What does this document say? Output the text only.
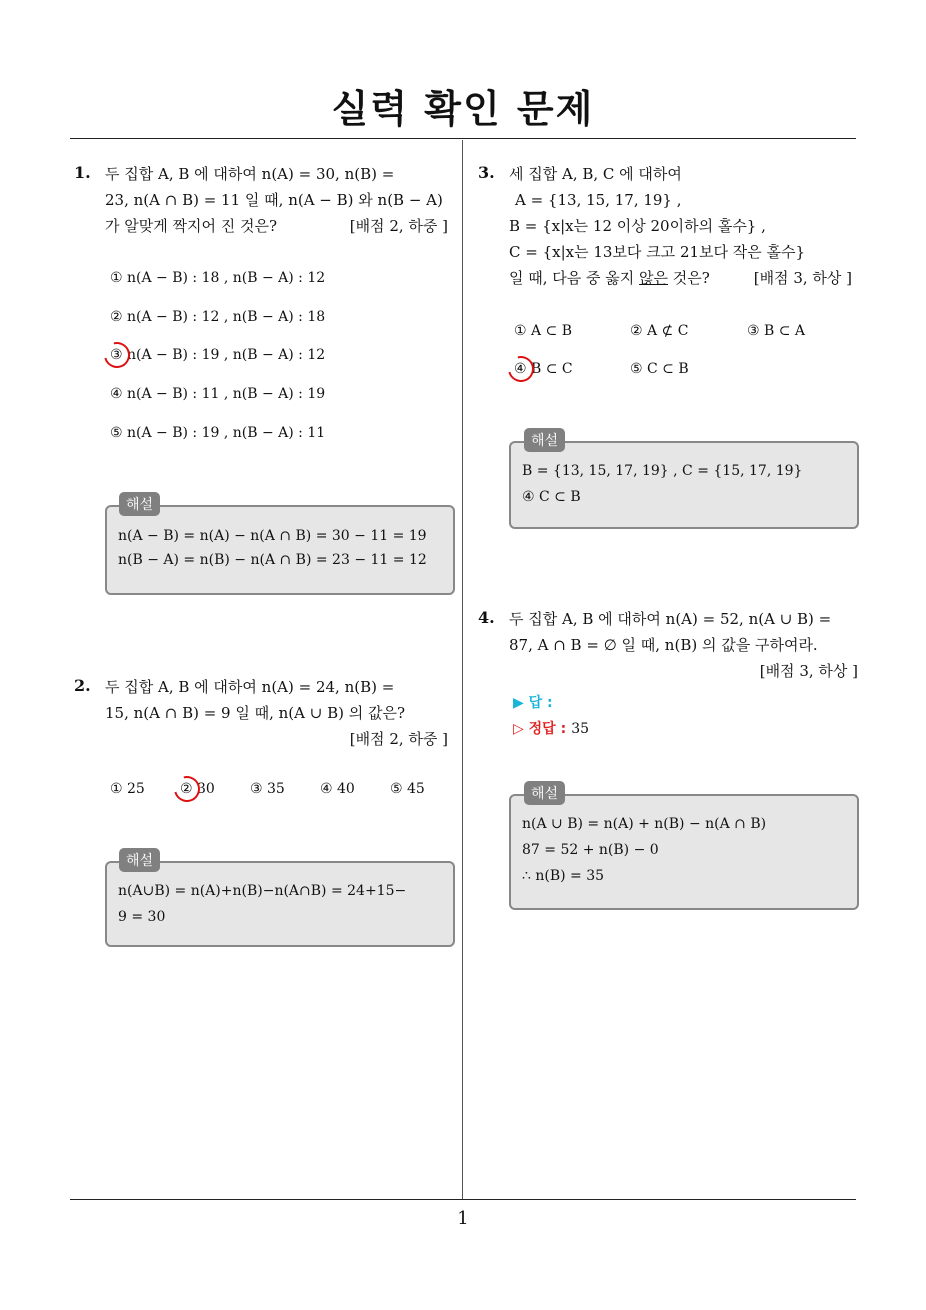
실력 확인 문제
1. 두 집합 A, B 에 대하여 n(A) = 30, n(B) =
23, n(A ∩ B) = 11 일 때, n(A − B) 와 n(B − A)
가 알맞게 짝지어 진 것은?	[배점 2, 하중 ]
① n(A − B) : 18 , n(B − A) : 12
② n(A − B) : 12 , n(B − A) : 18
③ n(A − B) : 19 , n(B − A) : 12
④ n(A − B) : 11 , n(B − A) : 19
⑤ n(A − B) : 19 , n(B − A) : 11
해설
n(A − B) = n(A) − n(A ∩ B) = 30 − 11 = 19
n(B − A) = n(B) − n(A ∩ B) = 23 − 11 = 12
2. 두 집합 A, B 에 대하여 n(A) = 24, n(B) =
15, n(A ∩ B) = 9 일 때, n(A ∪ B) 의 값은?
[배점 2, 하중 ]
① 25	② 30	③ 35	④ 40	⑤ 45
해설
n(A∪B) = n(A)+n(B)−n(A∩B) = 24+15−
9 = 30
3. 세 집합 A, B, C 에 대하여
A = {13, 15, 17, 19} ,
B = {x|x는 12 이상 20이하의 홀수} ,
C = {x|x는 13보다 크고 21보다 작은 홀수}
일 때, 다음 중 옳지 않은 것은?	[배점 3, 하상 ]
① A ⊂ B	② A ⊄ C	③ B ⊂ A
④ B ⊂ C	⑤ C ⊂ B
해설
B = {13, 15, 17, 19} , C = {15, 17, 19}
④ C ⊂ B
4. 두 집합 A, B 에 대하여 n(A) = 52, n(A ∪ B) =
87, A ∩ B = ∅ 일 때, n(B) 의 값을 구하여라.
[배점 3, 하상 ]
▶ 답 :
▷ 정답 : 35
해설
n(A ∪ B) = n(A) + n(B) − n(A ∩ B)
87 = 52 + n(B) − 0
∴ n(B) = 35
1
